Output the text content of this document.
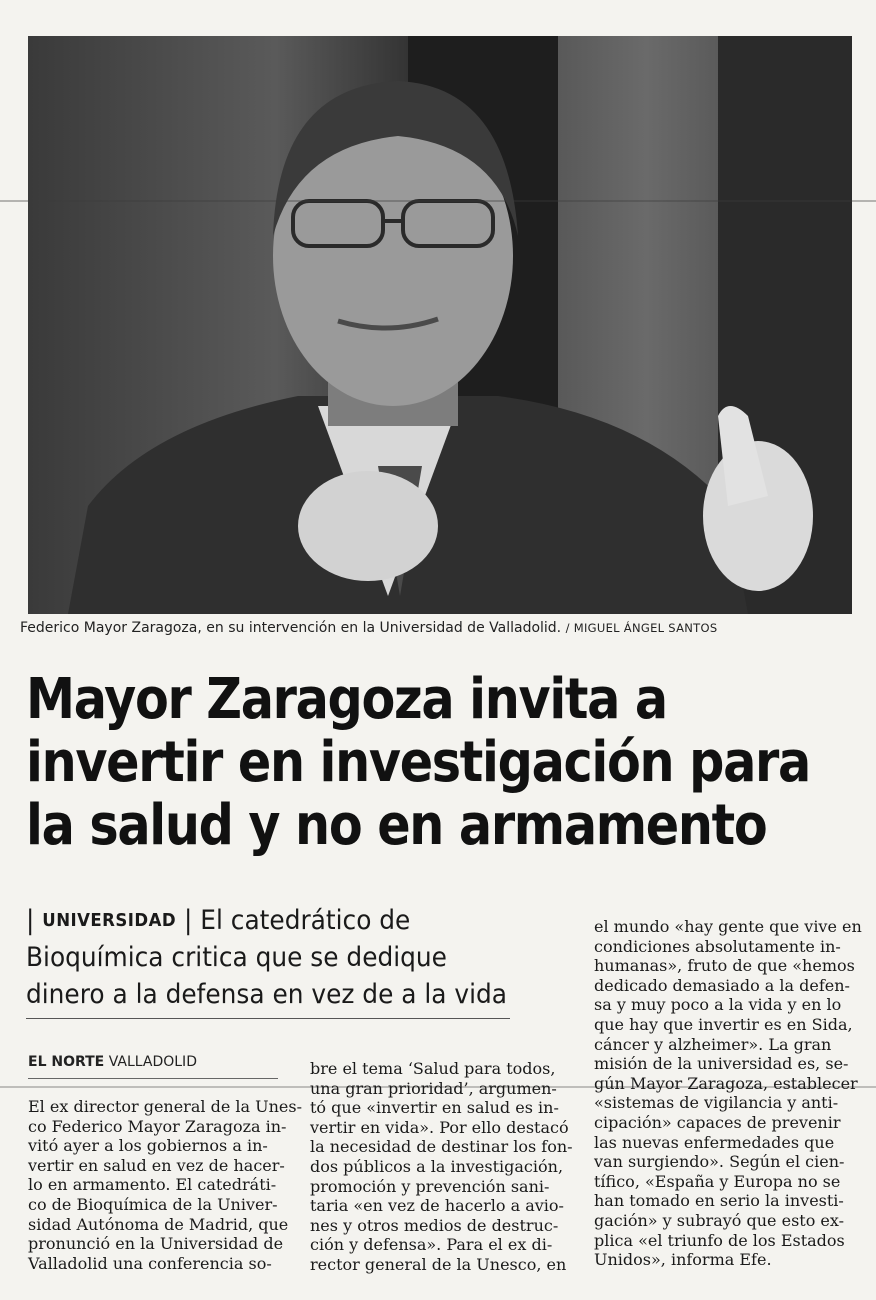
Federico Mayor Zaragoza, en su intervención en la Universidad de Valladolid. / MIGUEL ÁNGEL SANTOS
Mayor Zaragoza invita a
invertir en investigación para
la salud y no en armamento
| UNIVERSIDAD | El catedrático de
Bioquímica critica que se dedique
dinero a la defensa en vez de a la vida
EL NORTE VALLADOLID
El ex director general de la Unes-
co Federico Mayor Zaragoza in-
vitó ayer a los gobiernos a in-
vertir en salud en vez de hacer-
lo en armamento. El catedráti-
co de Bioquímica de la Univer-
sidad Autónoma de Madrid, que
pronunció en la Universidad de
Valladolid una conferencia so-
bre el tema ‘Salud para todos,
una gran prioridad’, argumen-
tó que «invertir en salud es in-
vertir en vida». Por ello destacó
la necesidad de destinar los fon-
dos públicos a la investigación,
promoción y prevención sani-
taria «en vez de hacerlo a avio-
nes y otros medios de destruc-
ción y defensa». Para el ex di-
rector general de la Unesco, en
el mundo «hay gente que vive en
condiciones absolutamente in-
humanas», fruto de que «hemos
dedicado demasiado a la defen-
sa y muy poco a la vida y en lo
que hay que invertir es en Sida,
cáncer y alzheimer». La gran
misión de la universidad es, se-
gún Mayor Zaragoza, establecer
«sistemas de vigilancia y anti-
cipación» capaces de prevenir
las nuevas enfermedades que
van surgiendo». Según el cien-
tífico, «España y Europa no se
han tomado en serio la investi-
gación» y subrayó que esto ex-
plica «el triunfo de los Estados
Unidos», informa Efe.
